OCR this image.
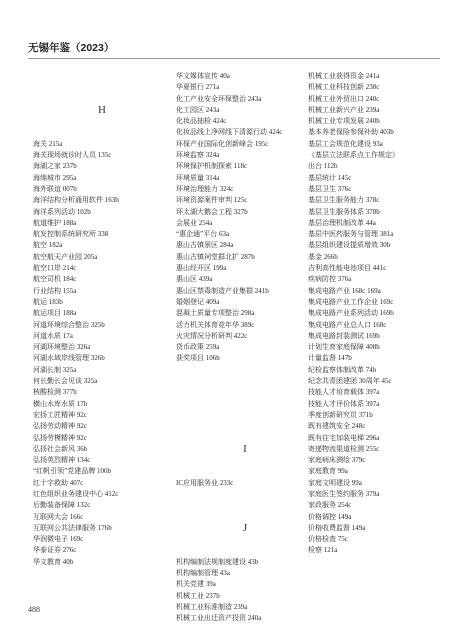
无锡年鉴（2023）
H
海关 215a
海关现场就诊时人员 135c
海湖之家 237b
海绵城市 295a
海外联谊 007b
海洋结构分析通用软件 163b
海洋系列活动 102b
航道维护 188a
航发控制系统研究所 338
航空 182a
航空航天产业园 205a
航空口岸 214c
航空司机 184c
行业结构 155a
航运 183b
航运项目 188a
河道环境综合整治 325b
河道水质 17a
河湖环境整治 326a
河湖水域岸线管理 326b
河湖长制 325a
何长勤长会见谈 325a
核酸检测 377b
横山水库水质 17b
宏扬工匠精神 92c
弘扬劳动精神 92c
弘扬劳模精神 92c
弘扬社会新风 36b
弘扬英烈精神 134c
“红帆引领”党建品牌 106b
红十字救助 407c
红色组织业务建设中心 412c
后勤装备保障 132c
互联网大会 166c
互联网公共法律服务 176b
华润微电子 169c
华泰证券 276c
华文教育 40b
华文媒体宣传 40a
华夏银行 271a
化工产业安全环保整治 243a
化工园区 243a
化妆品抽检 424c
化妆品线上净网线下清源行动 424c
环保产业国际化创新峰会 195c
环境监察 324a
环境保护机制探索 118c
环境质量 314a
环境治理能力 324c
环境资源案件审判 125c
环太湖大鹅会工程 327b
会展业 254a
“惠企通”平台 63a
惠山古镇景区 284a
惠山古镇祠堂群北扩 287b
惠山经开区 199a
惠山区 439a
惠山区禁毒制造产业集群 241b
婚姻登记 409a
混凝土质量专项整治 298a
活力机关体育竞年华 389c
火灾情况分析研判 422c
货币政策 259a
获奖项目 106b
I
IC应用服务业 233c
J
机构编制法规制度建设 43b
机构编制管理 43a
机关党建 39a
机械工业 237b
机械工业标准制造 239a
机械工业出迁资产投资 240a
机械工业获得资金 241a
机械工业科技创新 238c
机械工业外贸出口 240c
机械工业新兴产业 239a
机械工业专项发展 240b
基本养老保险参保补助 403b
基层工会规范化建设 93a
《基层立法联系点工作规定》
出台 112b
基层统计 145c
基层卫生 376c
基层卫生服务能力 378c
基层卫生服务体系 378b
基层治理机制改革 44a
基层中医药服务与管理 381a
基层组织建设提质增效 30b
基金 266b
吉利高性能电池项目 441c
疾病防控 376a
集成电路产业 168c 169a
集成电路产业工作企业 169c
集成电路产业系列活动 169b
集成电路产业总人口 168c
集成电路封装测试 169b
计划生育家庭保障 408b
计量监督 147b
纪检监察体制改革 74b
纪念共青团建团 30周年 45c
技能人才培育载体 397a
技能人才评价体系 397a
季度创新研究员 371b
既有建筑安全 248c
既有住宅加装电梯 296a
寄递物流渠道检测 255c
家庭病床测绘 379c
家庭教育 99a
家庭文明建设 99a
家庭医生签约服务 379a
家政服务 254c
价格调控 149a
价格收费监督 149a
价格检查 75c
检察 121a
488
